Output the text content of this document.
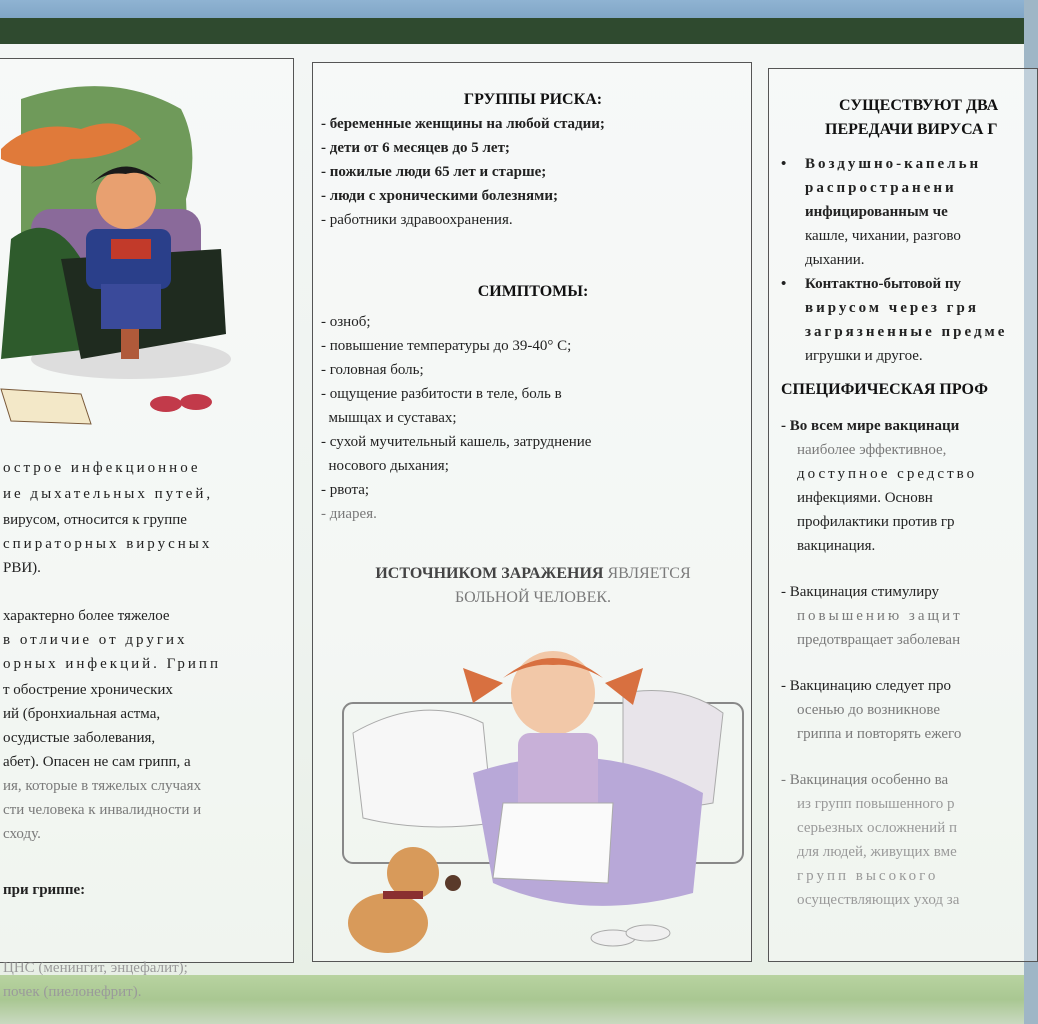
острое инфекционное
ие дыхательных путей,
вирусом, относится к группе
спираторных вирусных
РВИ).
характерно более тяжелое
в отличие от других
орных инфекций. Грипп
т обострение хронических
ий (бронхиальная астма,
осудистые заболевания,
абет). Опасен не сам грипп, а
ия, которые в тяжелых случаях
сти человека к инвалидности и
сходу.
при гриппе:
ЦНС (менингит, энцефалит);
почек (пиелонефрит).
ГРУППЫ РИСКА:
- беременные женщины на любой стадии;
- дети от 6 месяцев до 5 лет;
- пожилые люди 65 лет и старше;
- люди с хроническими болезнями;
- работники здравоохранения.
СИМПТОМЫ:
- озноб;
- повышение температуры до 39-40° С;
- головная боль;
- ощущение разбитости в теле, боль в
мышцах и суставах;
- сухой мучительный кашель, затруднение
носового дыхания;
- рвота;
- диарея.
ИСТОЧНИКОМ ЗАРАЖЕНИЯ ЯВЛЯЕТСЯ
БОЛЬНОЙ ЧЕЛОВЕК.
СУЩЕСТВУЮТ ДВА
ПЕРЕДАЧИ ВИРУСА Г
• Воздушно-капельн
распространени
инфицированным че
кашле, чихании, разгово
дыхании.
• Контактно-бытовой пу
вирусом через гря
загрязненные предме
игрушки и другое.
СПЕЦИФИЧЕСКАЯ ПРОФ
- Во всем мире вакцинаци
наиболее эффективное,
доступное средство
инфекциями. Основн
профилактики против гр
вакцинация.
- Вакцинация стимулиру
повышению защит
предотвращает заболеван
- Вакцинацию следует про
осенью до возникнове
гриппа и повторять ежего
- Вакцинация особенно ва
из групп повышенного р
серьезных осложнений п
для людей, живущих вме
групп высокого
осуществляющих уход за
